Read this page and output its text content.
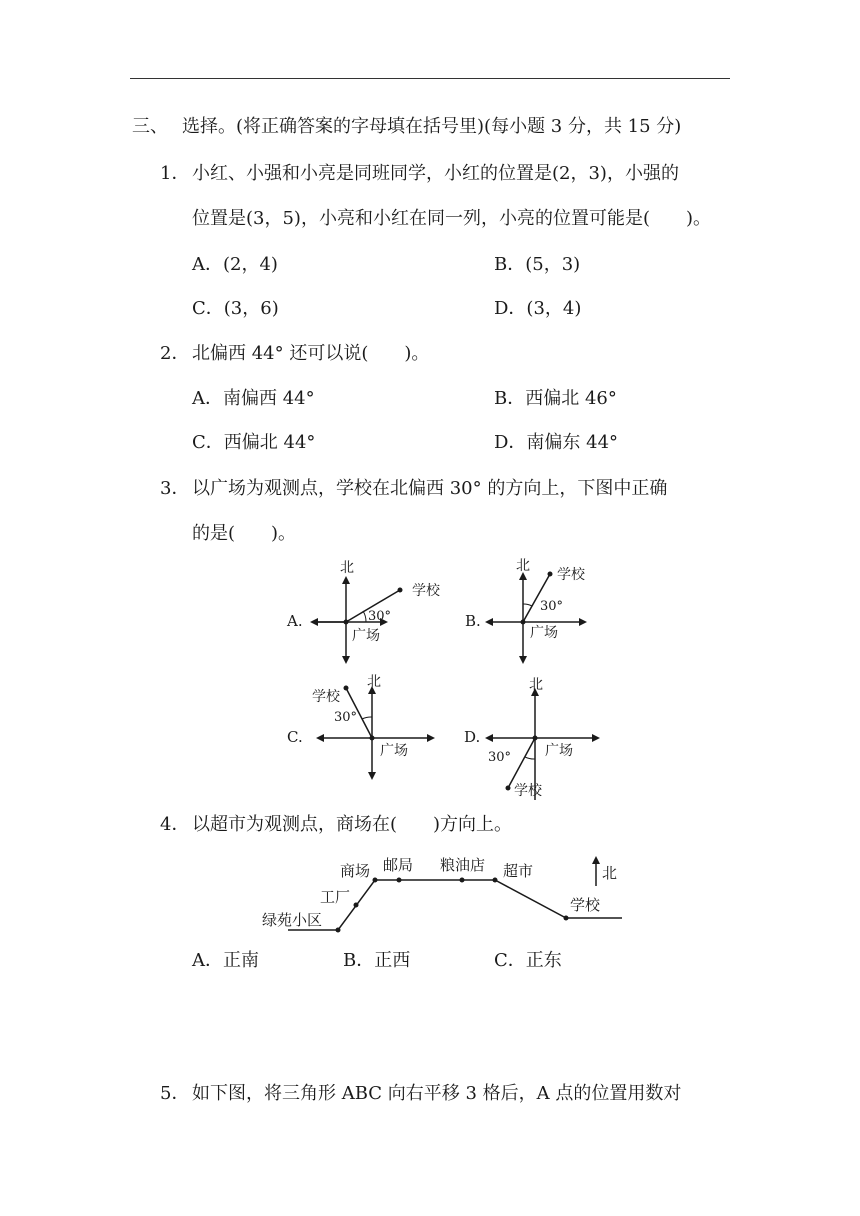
三、 选择。(将正确答案的字母填在括号里)(每小题 3 分，共 15 分)
1． 小红、小强和小亮是同班同学，小红的位置是(2，3)，小强的
位置是(3，5)，小亮和小红在同一列，小亮的位置可能是(　　)。
A．(2，4)	B．(5，3)
C．(3，6)	D．(3，4)
2． 北偏西 44° 还可以说(　　)。
A．南偏西 44°	B．西偏北 46°
C．西偏北 44°	D．南偏东 44°
3． 以广场为观测点，学校在北偏西 30° 的方向上，下图中正确
的是(　　)。
A.
北
学校
30°
广场
B.
北
学校
30°
广场
C.
北
学校
30°
广场
D.
北
学校
30° 广场
4． 以超市为观测点，商场在(　　)方向上。
绿苑小区
工厂
商场 邮局 粮油店 超市
学校
北
A．正南	B．正西	C．正东
5． 如下图，将三角形 ABC 向右平移 3 格后，A 点的位置用数对
